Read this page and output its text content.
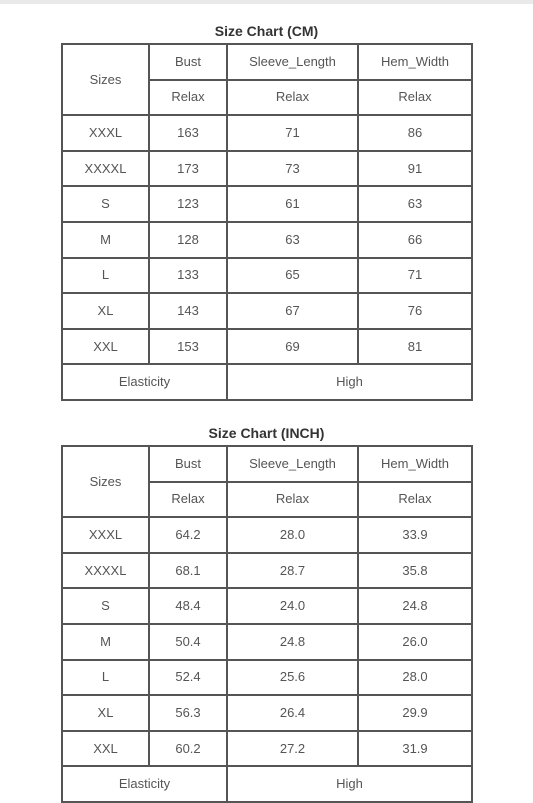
Size Chart (CM)
Sizes	Bust	Sleeve_Length	Hem_Width
	Relax	Relax	Relax
XXXL	163	71	86
XXXXL	173	73	91
S	123	61	63
M	128	63	66
L	133	65	71
XL	143	67	76
XXL	153	69	81
Elasticity		High	
Size Chart (INCH)
Sizes	Bust	Sleeve_Length	Hem_Width
	Relax	Relax	Relax
XXXL	64.2	28.0	33.9
XXXXL	68.1	28.7	35.8
S	48.4	24.0	24.8
M	50.4	24.8	26.0
L	52.4	25.6	28.0
XL	56.3	26.4	29.9
XXL	60.2	27.2	31.9
Elasticity		High	
